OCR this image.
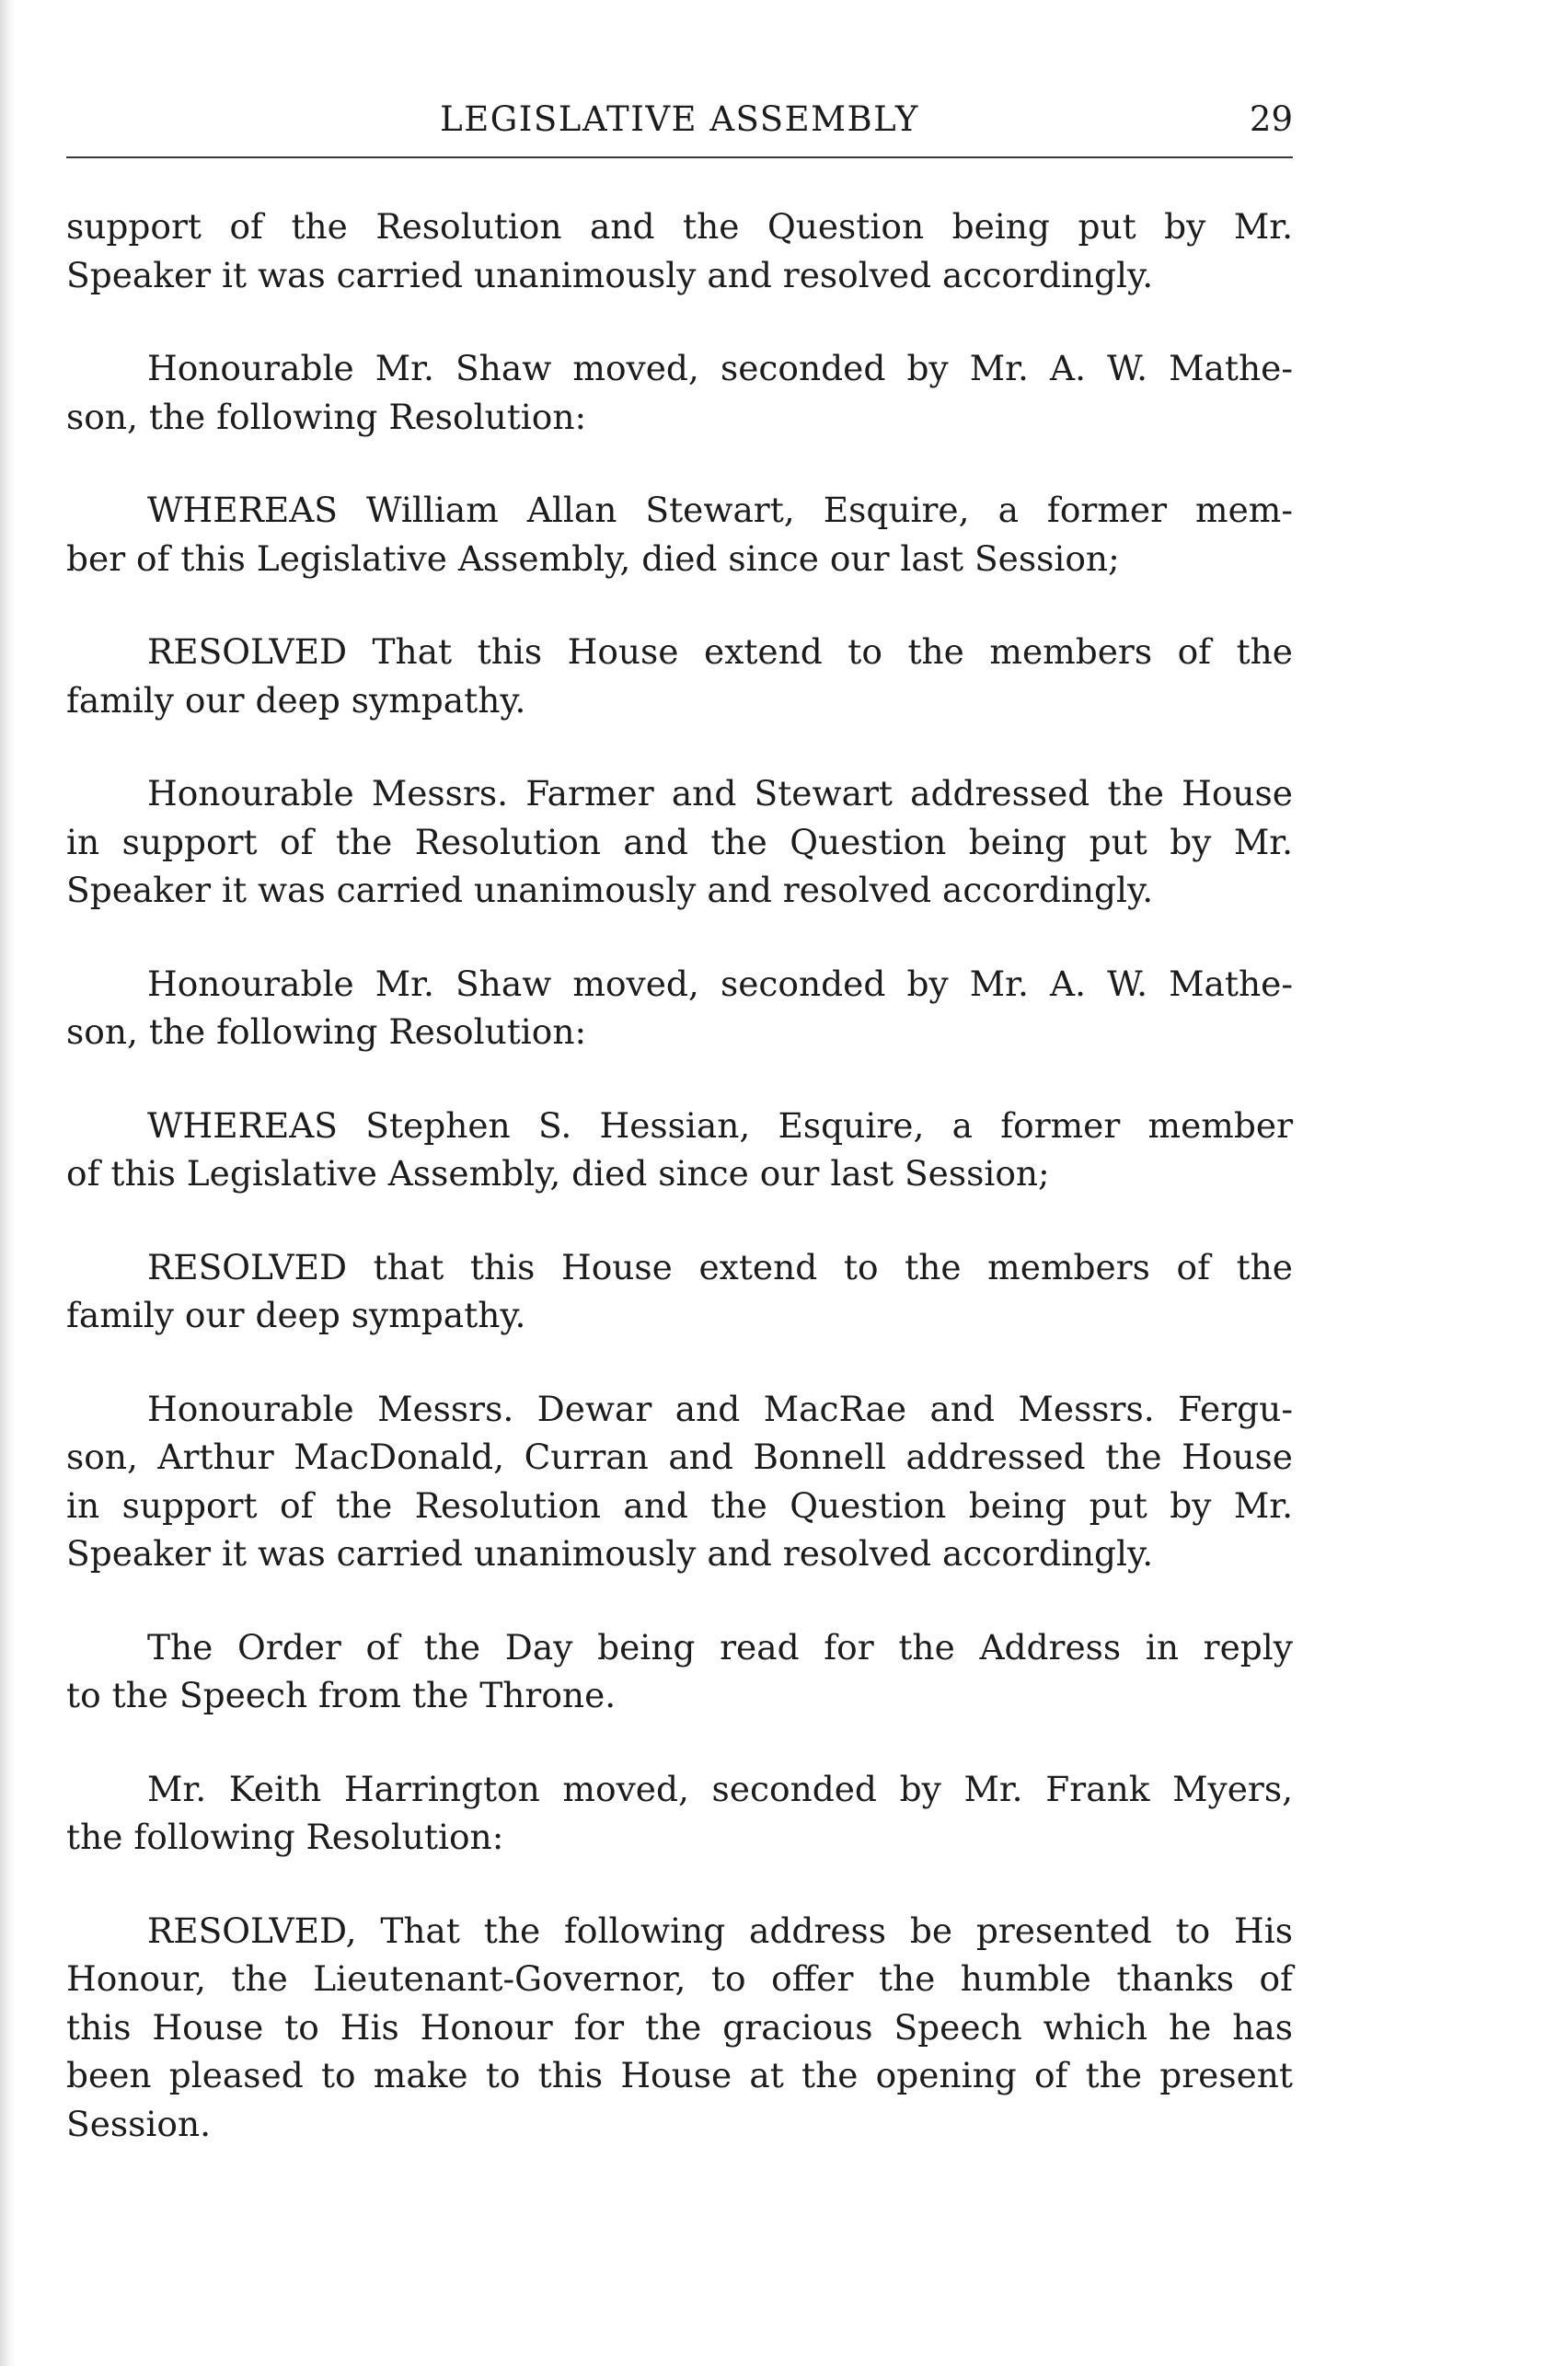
LEGISLATIVE ASSEMBLY	29
support of the Resolution and the Question being put by Mr.
Speaker it was carried unanimously and resolved accordingly.
Honourable Mr. Shaw moved, seconded by Mr. A. W. Mathe-
son, the following Resolution:
WHEREAS William Allan Stewart, Esquire, a former mem-
ber of this Legislative Assembly, died since our last Session;
RESOLVED That this House extend to the members of the
family our deep sympathy.
Honourable Messrs. Farmer and Stewart addressed the House
in support of the Resolution and the Question being put by Mr.
Speaker it was carried unanimously and resolved accordingly.
Honourable Mr. Shaw moved, seconded by Mr. A. W. Mathe-
son, the following Resolution:
WHEREAS Stephen S. Hessian, Esquire, a former member
of this Legislative Assembly, died since our last Session;
RESOLVED that this House extend to the members of the
family our deep sympathy.
Honourable Messrs. Dewar and MacRae and Messrs. Fergu-
son, Arthur MacDonald, Curran and Bonnell addressed the House
in support of the Resolution and the Question being put by Mr.
Speaker it was carried unanimously and resolved accordingly.
The Order of the Day being read for the Address in reply
to the Speech from the Throne.
Mr. Keith Harrington moved, seconded by Mr. Frank Myers,
the following Resolution:
RESOLVED, That the following address be presented to His
Honour, the Lieutenant-Governor, to offer the humble thanks of
this House to His Honour for the gracious Speech which he has
been pleased to make to this House at the opening of the present
Session.
